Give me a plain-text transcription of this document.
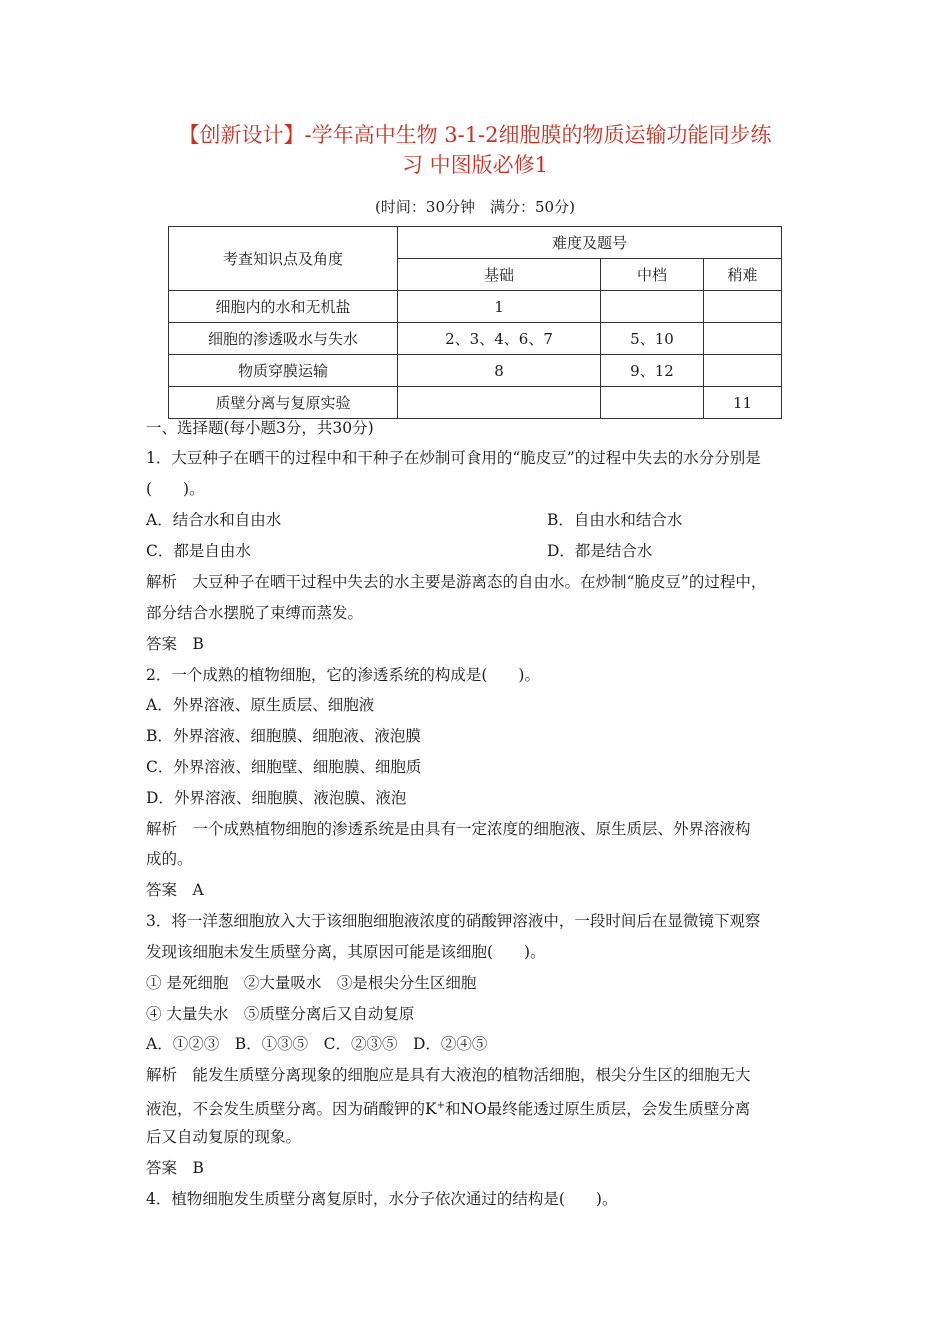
【创新设计】-学年高中生物 3-1-2细胞膜的物质运输功能同步练
习 中图版必修1
(时间：30分钟　满分：50分)
考查知识点及角度	难度及题号		
	基础	中档	稍难
细胞内的水和无机盐	1		
细胞的渗透吸水与失水	2、3、4、6、7	5、10	
物质穿膜运输	8	9、12	
质壁分离与复原实验			11
一、选择题(每小题3分，共30分)
1．大豆种子在晒干的过程中和干种子在炒制可食用的“脆皮豆”的过程中失去的水分分别是
(　　)。
A．结合水和自由水	B．自由水和结合水
C．都是自由水	D．都是结合水
解析　大豆种子在晒干过程中失去的水主要是游离态的自由水。在炒制“脆皮豆”的过程中，
部分结合水摆脱了束缚而蒸发。
答案　B
2．一个成熟的植物细胞，它的渗透系统的构成是(　　)。
A．外界溶液、原生质层、细胞液
B．外界溶液、细胞膜、细胞液、液泡膜
C．外界溶液、细胞壁、细胞膜、细胞质
D．外界溶液、细胞膜、液泡膜、液泡
解析　一个成熟植物细胞的渗透系统是由具有一定浓度的细胞液、原生质层、外界溶液构
成的。
答案　A
3．将一洋葱细胞放入大于该细胞细胞液浓度的硝酸钾溶液中，一段时间后在显微镜下观察
发现该细胞未发生质壁分离，其原因可能是该细胞(　　)。
① 是死细胞　②大量吸水　③是根尖分生区细胞
④ 大量失水　⑤质壁分离后又自动复原
A．①②③　B．①③⑤　C．②③⑤　D．②④⑤
解析　能发生质壁分离现象的细胞应是具有大液泡的植物活细胞，根尖分生区的细胞无大
液泡，不会发生质壁分离。因为硝酸钾的K+和NO最终能透过原生质层，会发生质壁分离
后又自动复原的现象。
答案　B
4．植物细胞发生质壁分离复原时，水分子依次通过的结构是(　　)。
